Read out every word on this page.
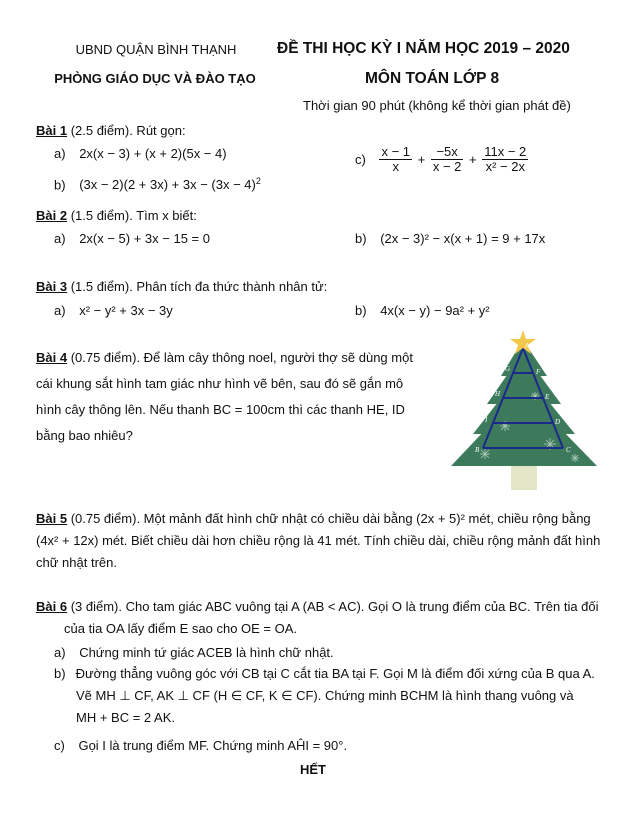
UBND QUẬN BÌNH THẠNH
PHÒNG GIÁO DỤC VÀ ĐÀO TẠO
ĐỀ THI HỌC KỲ I NĂM HỌC 2019 – 2020
MÔN TOÁN LỚP 8
Thời gian 90 phút (không kể thời gian phát đề)
Bài 1 (2.5 điểm). Rút gọn:
a) 2x(x − 3) + (x + 2)(5x − 4)
b) $(3x - 2)(2 + 3x) + 3x - (3x - 4)^2$
$c) \frac{x - 1}{x} + \frac{-5x}{x - 2} + \frac{11x - 2}{\text{x² − 2x}}$
Bài 2 (1.5 điểm). Tìm x biết:
a) 2x(x − 5) + 3x − 15 = 0	b) (2x − 3)² − x(x + 1) = 9 + 17x
Bài 3 (1.5 điểm). Phân tích đa thức thành nhân tử:
a) x² − y² + 3x − 3y	b) 4x(x − y) − 9a² + y²
Bài 4 (0.75 điểm). Để làm cây thông noel, người thợ sẽ dùng một
cái khung sắt hình tam giác như hình vẽ bên, sau đó sẽ gắn mô
hình cây thông lên. Nếu thanh BC = 100cm thì các thanh HE, ID
bằng bao nhiêu?
A
G	F
H	E
I	D
B	C
Bài 5 (0.75 điểm). Một mảnh đất hình chữ nhật có chiều dài bằng (2x + 5)² mét, chiều rộng bằng
(4x² + 12x) mét. Biết chiều dài hơn chiều rộng là 41 mét. Tính chiều dài, chiều rộng mảnh đất hình
chữ nhật trên.
Bài 6 (3 điểm). Cho tam giác ABC vuông tại A (AB < AC). Gọi O là trung điểm của BC. Trên tia đối
của tia OA lấy điểm E sao cho OE = OA.
a) Chứng minh tứ giác ACEB là hình chữ nhật.
b) Đường thẳng vuông góc với CB tại C cắt tia BA tại F. Gọi M là điểm đối xứng của B qua A.
Vẽ MH ⊥ CF, AK ⊥ CF (H ∈ CF, K ∈ CF). Chứng minh BCHM là hình thang vuông và
MH + BC = 2 AK.
c) Gọi I là trung điểm MF. Chứng minh AĤI = 90°.
HẾT
